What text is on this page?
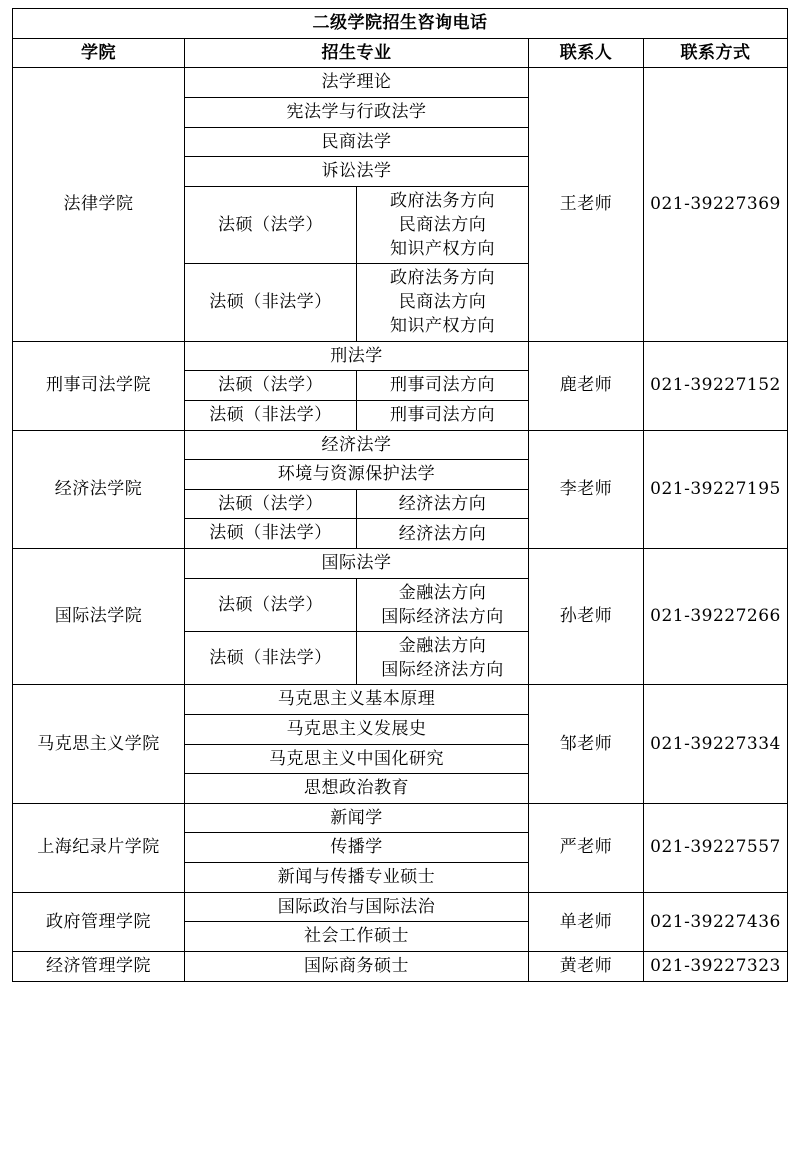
二级学院招生咨询电话				
学院	招生专业		联系人	联系方式
法律学院	法学理论		王老师	021-39227369
	宪法学与行政法学			
	民商法学			
	诉讼法学			
	法硕（法学）	政府法务方向
民商法方向
知识产权方向		

	法硕（非法学）	政府法务方向
民商法方向
知识产权方向		

刑事司法学院	刑法学		鹿老师	021-39227152
	法硕（法学）	刑事司法方向		

	法硕（非法学）	刑事司法方向		

经济法学院	经济法学		李老师	021-39227195
	环境与资源保护法学			
	法硕（法学）	经济法方向		

	法硕（非法学）	经济法方向		

国际法学院	国际法学		孙老师	021-39227266
	法硕（法学）	金融法方向
国际经济法方向		

	法硕（非法学）	金融法方向
国际经济法方向		

马克思主义学院	马克思主义基本原理		邹老师	021-39227334
	马克思主义发展史			
	马克思主义中国化研究			
	思想政治教育			
上海纪录片学院	新闻学		严老师	021-39227557
	传播学			
	新闻与传播专业硕士			
政府管理学院	国际政治与国际法治		单老师	021-39227436
	社会工作硕士			
经济管理学院	国际商务硕士		黄老师	021-39227323
